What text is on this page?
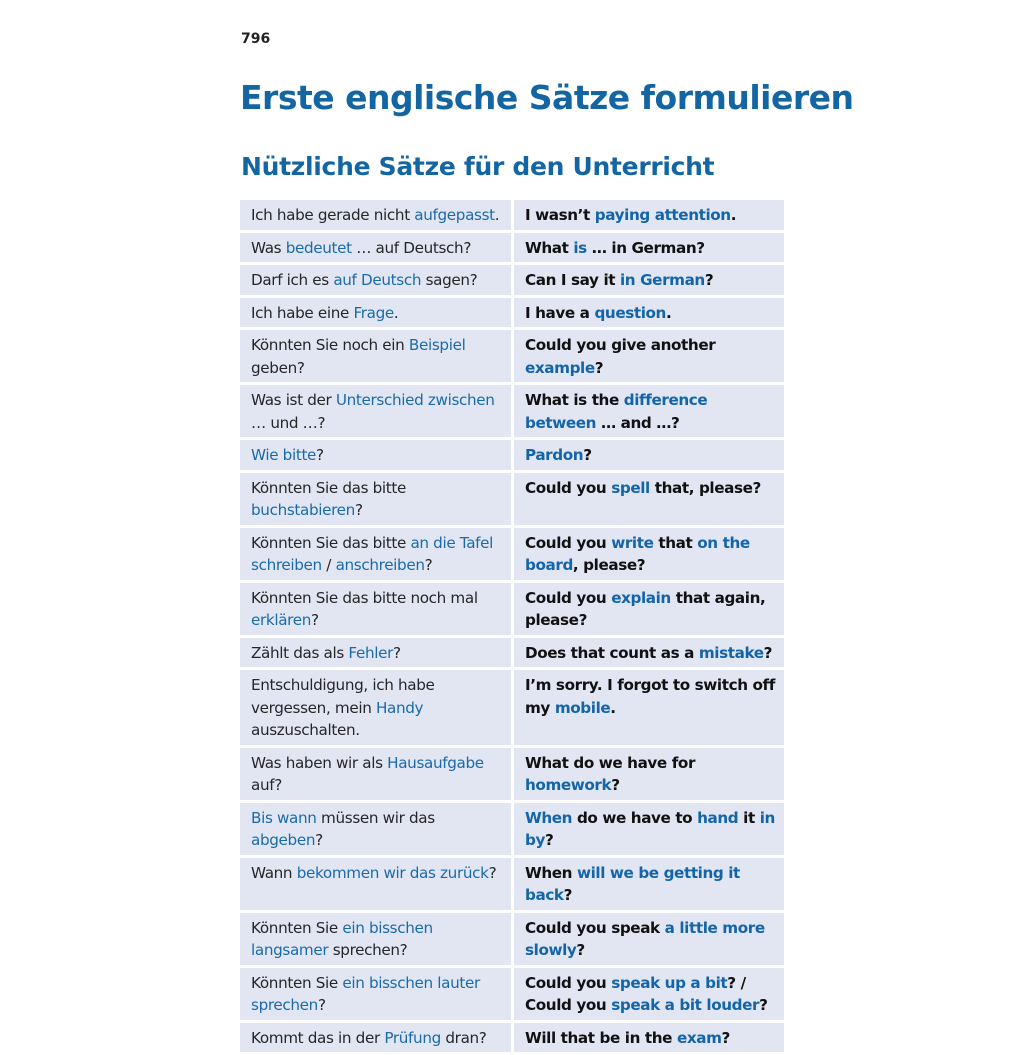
796
Erste englische Sätze formulieren
Nützliche Sätze für den Unterricht
Ich habe gerade nicht aufgepasst.	I wasn’t paying attention.
Was bedeutet … auf Deutsch?	What is … in German?
Darf ich es auf Deutsch sagen?	Can I say it in German?
Ich habe eine Frage.	I have a question.
Könnten Sie noch ein Beispiel geben?	Could you give another example?
Was ist der Unterschied zwischen … und …?	What is the difference between … and …?
Wie bitte?	Pardon?
Könnten Sie das bitte buchstabieren?	Could you spell that, please?
Könnten Sie das bitte an die Tafel schreiben / anschreiben?	Could you write that on the board, please?
Könnten Sie das bitte noch mal erklären?	Could you explain that again, please?
Zählt das als Fehler?	Does that count as a mistake?
Entschuldigung, ich habe vergessen, mein Handy auszuschalten.	I’m sorry. I forgot to switch off my mobile.
Was haben wir als Hausaufgabe auf?	What do we have for homework?
Bis wann müssen wir das abgeben?	When do we have to hand it in by?
Wann bekommen wir das zurück?	When will we be getting it back?
Könnten Sie ein bisschen langsamer sprechen?	Could you speak a little more slowly?
Könnten Sie ein bisschen lauter sprechen?	Could you speak up a bit? / Could you speak a bit louder?
Kommt das in der Prüfung dran?	Will that be in the exam?
